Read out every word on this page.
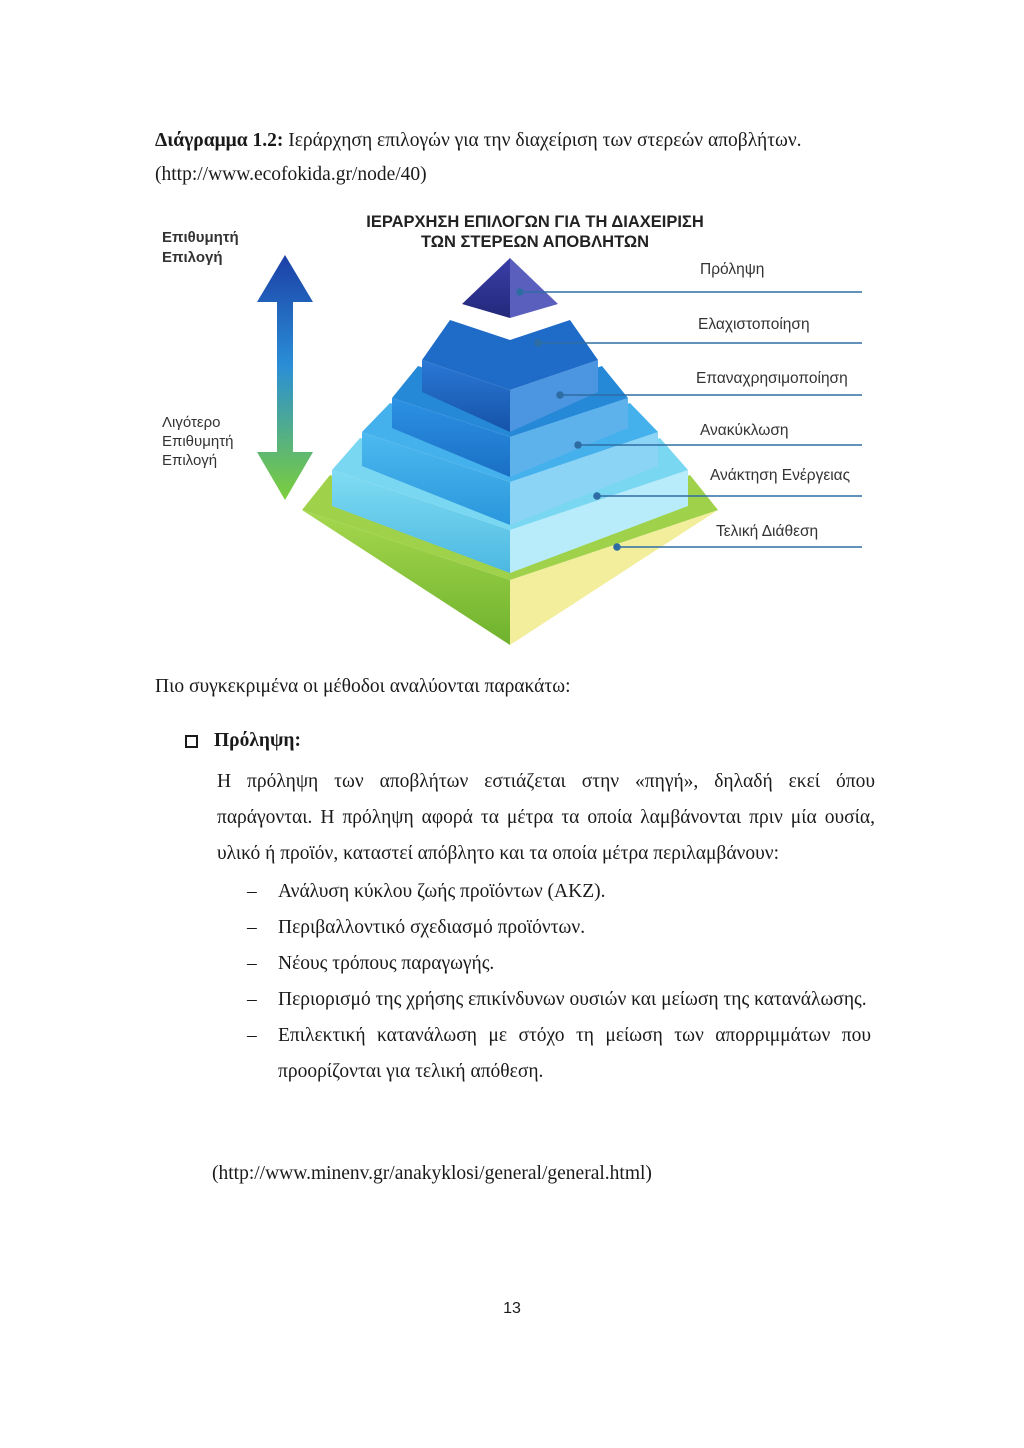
Διάγραμμα 1.2: Ιεράρχηση επιλογών για την διαχείριση των στερεών αποβλήτων.
(http://www.ecofokida.gr/node/40)
ΙΕΡΑΡΧΗΣΗ ΕΠΙΛΟΓΩΝ ΓΙΑ ΤΗ ΔΙΑΧΕΙΡΙΣΗ
ΤΩΝ ΣΤΕΡΕΩΝ ΑΠΟΒΛΗΤΩΝ
Επιθυμητή
Επιλογή
Λιγότερο
Επιθυμητή
Επιλογή
Πρόληψη
Ελαχιστοποίηση
Επαναχρησιμοποίηση
Ανακύκλωση
Ανάκτηση Ενέργειας
Τελική Διάθεση
Πιο συγκεκριμένα οι μέθοδοι αναλύονται παρακάτω:
Πρόληψη:
Η πρόληψη των αποβλήτων εστιάζεται στην «πηγή», δηλαδή εκεί όπου παράγονται. Η πρόληψη αφορά τα μέτρα τα οποία λαμβάνονται πριν μία ουσία, υλικό ή προϊόν, καταστεί απόβλητο και τα οποία μέτρα περιλαμβάνουν:
– Ανάλυση κύκλου ζωής προϊόντων (ΑΚΖ).
– Περιβαλλοντικό σχεδιασμό προϊόντων.
– Νέους τρόπους παραγωγής.
– Περιορισμό της χρήσης επικίνδυνων ουσιών και μείωση της κατανάλωσης.
– Επιλεκτική κατανάλωση με στόχο τη μείωση των απορριμμάτων που προορίζονται για τελική απόθεση.
(http://www.minenv.gr/anakyklosi/general/general.html)
13
